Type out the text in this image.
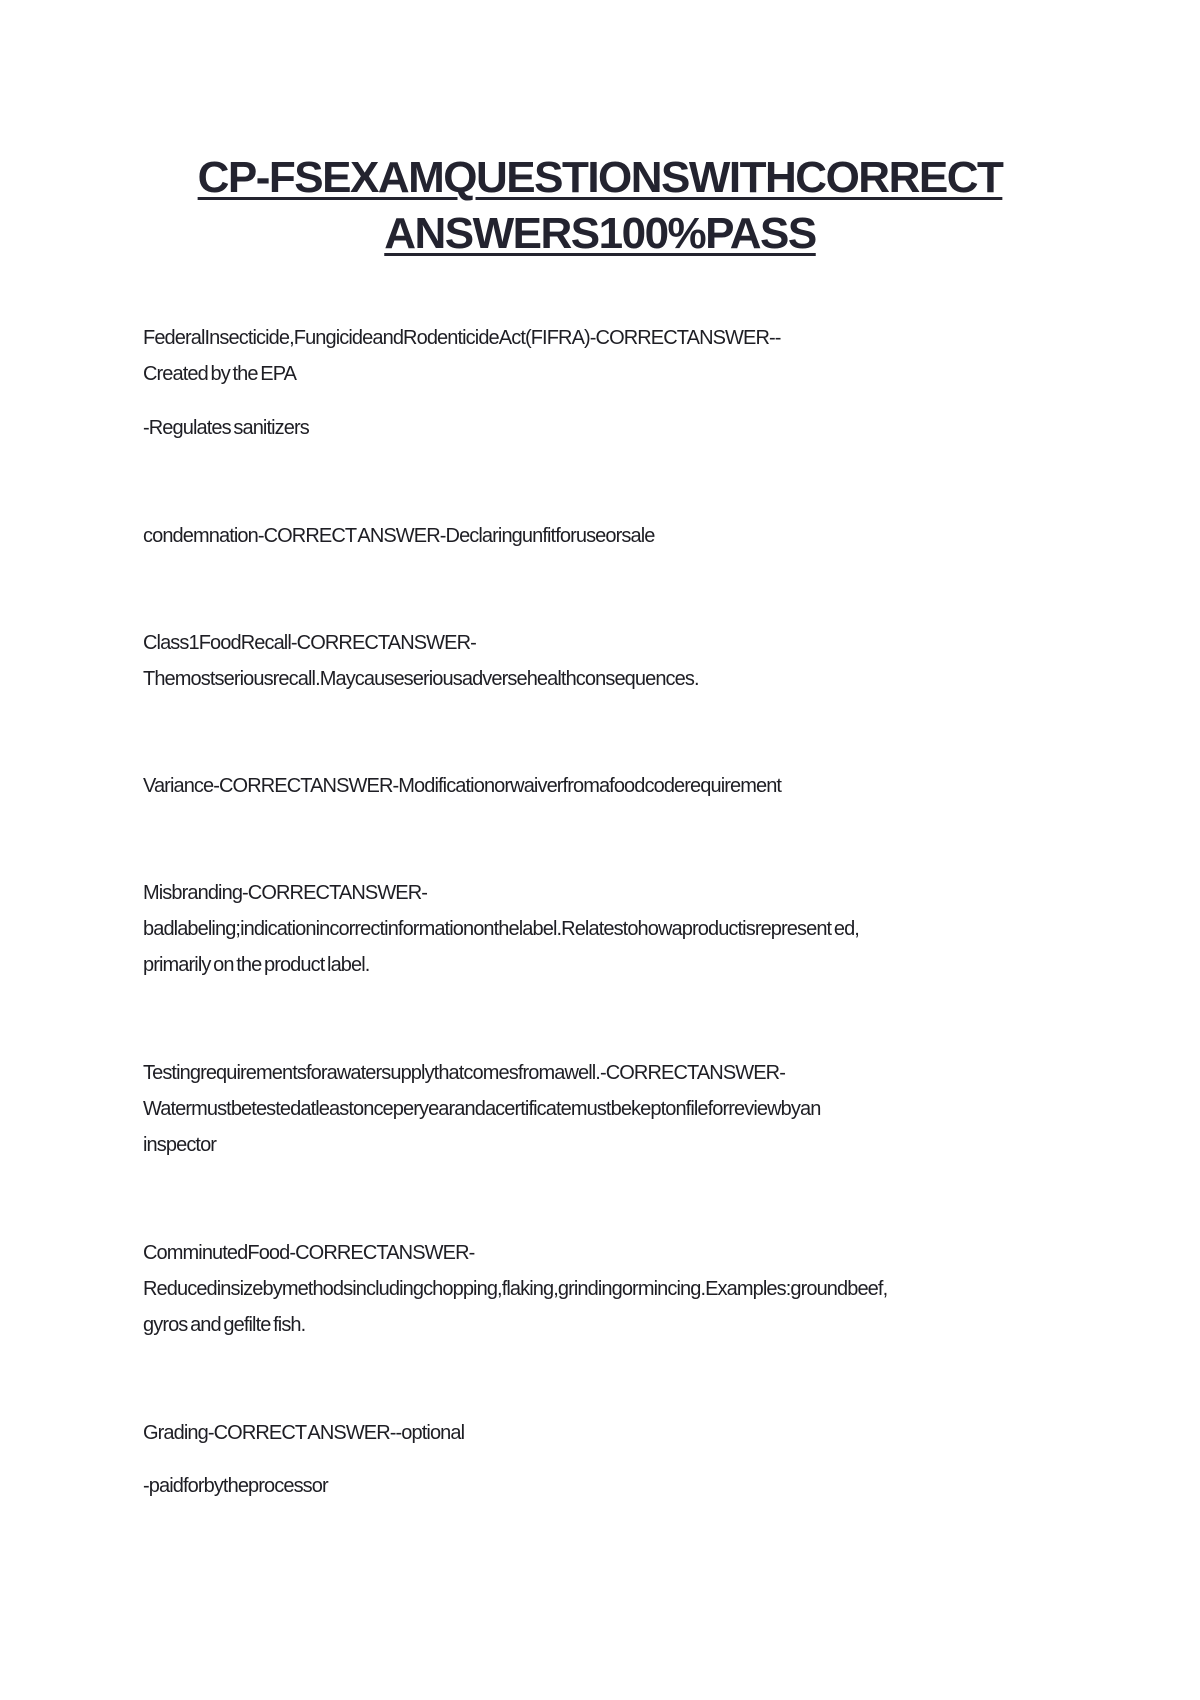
CP-FSEXAMQUESTIONSWITHCORRECT
ANSWERS100%PASS

FederalInsecticide,FungicideandRodenticideAct(FIFRA)-CORRECTANSWER--

Created by the EPA

-Regulates sanitizers

condemnation-CORRECT ANSWER-Declaringunfitforuseorsale

Class1FoodRecall-CORRECTANSWER-

Themostseriousrecall.Maycauseseriousadversehealthconsequences.

Variance-CORRECTANSWER-Modificationorwaiverfromafoodcoderequirement

Misbranding-CORRECTANSWER-

badlabeling;indicationincorrectinformationonthelabel.Relatestohowaproductisrepresent ed,

primarily on the product label.

Testingrequirementsforawatersupplythatcomesfromawell.-CORRECTANSWER-

Watermustbetestedatleastonceperyearandacertificatemustbekeptonfileforreviewbyan

inspector

ComminutedFood-CORRECTANSWER-

Reducedinsizebymethodsincludingchopping,flaking,grindingormincing.Examples:groundbeef,

gyros and gefilte fish.

Grading-CORRECT ANSWER--optional

-paidforbytheprocessor
